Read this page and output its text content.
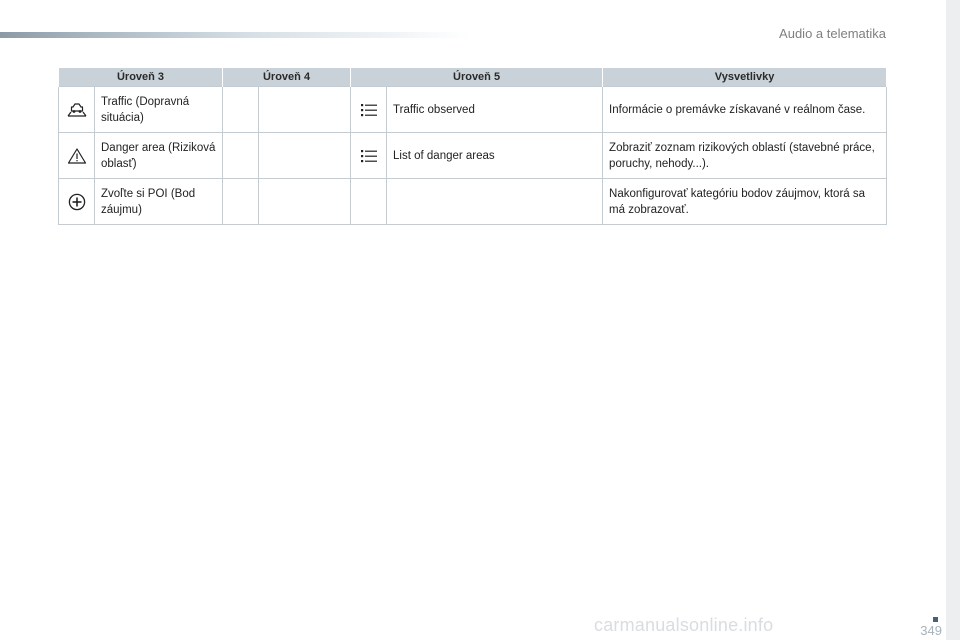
Audio a telematika
Úroveň 3		Úroveň 4		Úroveň 5		Vysvetlivky

	Traffic (Dopravná situácia)				Traffic observed	Informácie o premávke získavané v reálnom čase.

	Danger area (Riziková oblasť)				List of danger areas	Zobraziť zoznam rizikových oblastí (stavebné práce, poruchy, nehody...).

	Zvoľte si POI (Bod záujmu)					Nakonfigurovať kategóriu bodov záujmov, ktorá sa má zobrazovať.
349
carmanualsonline.info
